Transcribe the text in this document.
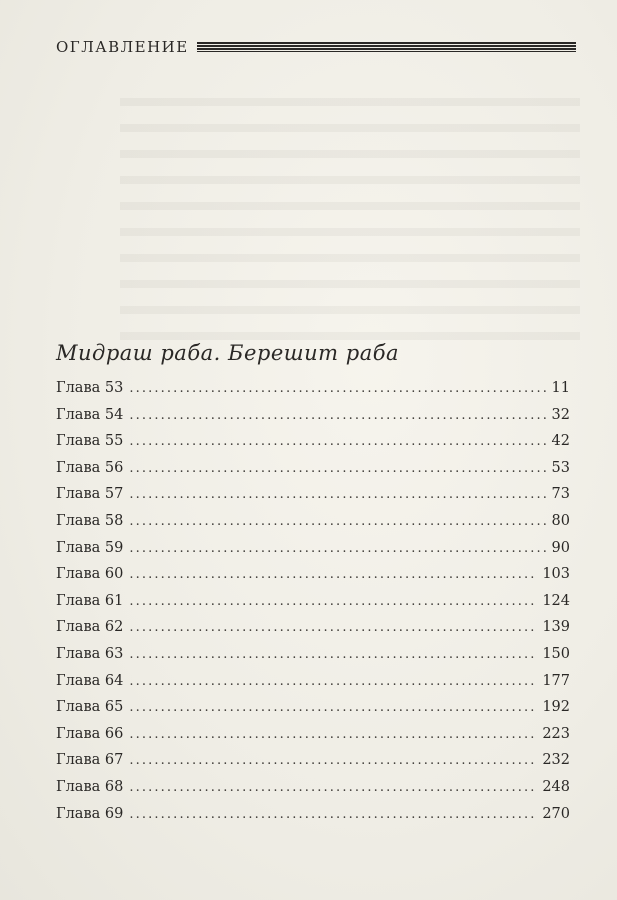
ОГЛАВЛЕНИЕ
Мидраш раба. Берешит раба
Глава 53 . . .	11
Глава 54 . . .	32
Глава 55 . . .	42
Глава 56 . . .	53
Глава 57 . . .	73
Глава 58 . . .	80
Глава 59 . . .	90
Глава 60 . . .	103
Глава 61 . . .	124
Глава 62 . . .	139
Глава 63 . . .	150
Глава 64 . . .	177
Глава 65 . . .	192
Глава 66 . . .	223
Глава 67 . . .	232
Глава 68 . . .	248
Глава 69 . . .	270
